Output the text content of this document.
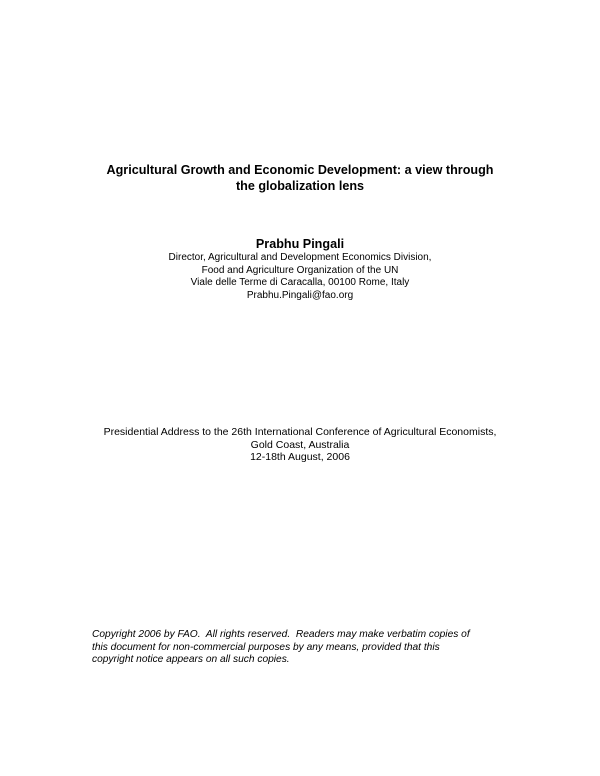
Agricultural Growth and Economic Development: a view through
the globalization lens
Prabhu Pingali
Director, Agricultural and Development Economics Division,
Food and Agriculture Organization of the UN
Viale delle Terme di Caracalla, 00100 Rome, Italy
Prabhu.Pingali@fao.org
Presidential Address to the 26th International Conference of Agricultural Economists,
Gold Coast, Australia
12-18th August, 2006
Copyright 2006 by FAO.  All rights reserved.  Readers may make verbatim copies of
this document for non-commercial purposes by any means, provided that this
copyright notice appears on all such copies.
